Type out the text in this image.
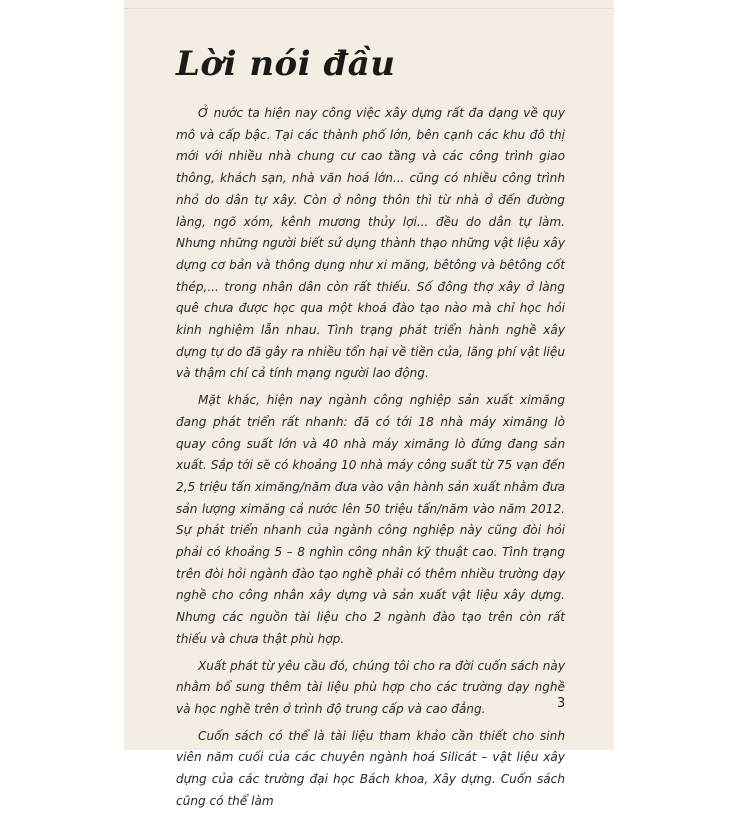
Lời nói đầu

Ở nước ta hiện nay công việc xây dựng rất đa dạng về quy mô và cấp bậc. Tại các thành phố lớn, bên cạnh các khu đô thị mới với nhiều nhà chung cư cao tầng và các công trình giao thông, khách sạn, nhà văn hoá lớn... cũng có nhiều công trình nhỏ do dân tự xây. Còn ở nông thôn thì từ nhà ở đến đường làng, ngõ xóm, kênh mương thủy lợi... đều do dân tự làm. Nhưng những người biết sử dụng thành thạo những vật liệu xây dựng cơ bản và thông dụng như xi măng, bêtông và bêtông cốt thép,... trong nhân dân còn rất thiếu. Số đông thợ xây ở làng quê chưa được học qua một khoá đào tạo nào mà chỉ học hỏi kinh nghiệm lẫn nhau. Tình trạng phát triển hành nghề xây dựng tự do đã gây ra nhiều tổn hại về tiền của, lãng phí vật liệu và thậm chí cả tính mạng người lao động.

Mặt khác, hiện nay ngành công nghiệp sản xuất ximăng đang phát triển rất nhanh: đã có tới 18 nhà máy ximăng lò quay công suất lớn và 40 nhà máy ximăng lò đứng đang sản xuất. Sắp tới sẽ có khoảng 10 nhà máy công suất từ 75 vạn đến 2,5 triệu tấn ximăng/năm đưa vào vận hành sản xuất nhằm đưa sản lượng ximăng cả nước lên 50 triệu tấn/năm vào năm 2012. Sự phát triển nhanh của ngành công nghiệp này cũng đòi hỏi phải có khoảng 5 – 8 nghìn công nhân kỹ thuật cao. Tình trạng trên đòi hỏi ngành đào tạo nghề phải có thêm nhiều trường dạy nghề cho công nhân xây dựng và sản xuất vật liệu xây dựng. Nhưng các nguồn tài liệu cho 2 ngành đào tạo trên còn rất thiếu và chưa thật phù hợp.

Xuất phát từ yêu cầu đó, chúng tôi cho ra đời cuốn sách này nhằm bổ sung thêm tài liệu phù hợp cho các trường dạy nghề và học nghề trên ở trình độ trung cấp và cao đẳng.

Cuốn sách có thể là tài liệu tham khảo cần thiết cho sinh viên năm cuối của các chuyên ngành hoá Silicát – vật liệu xây dựng của các trường đại học Bách khoa, Xây dựng. Cuốn sách cũng có thể làm

3
